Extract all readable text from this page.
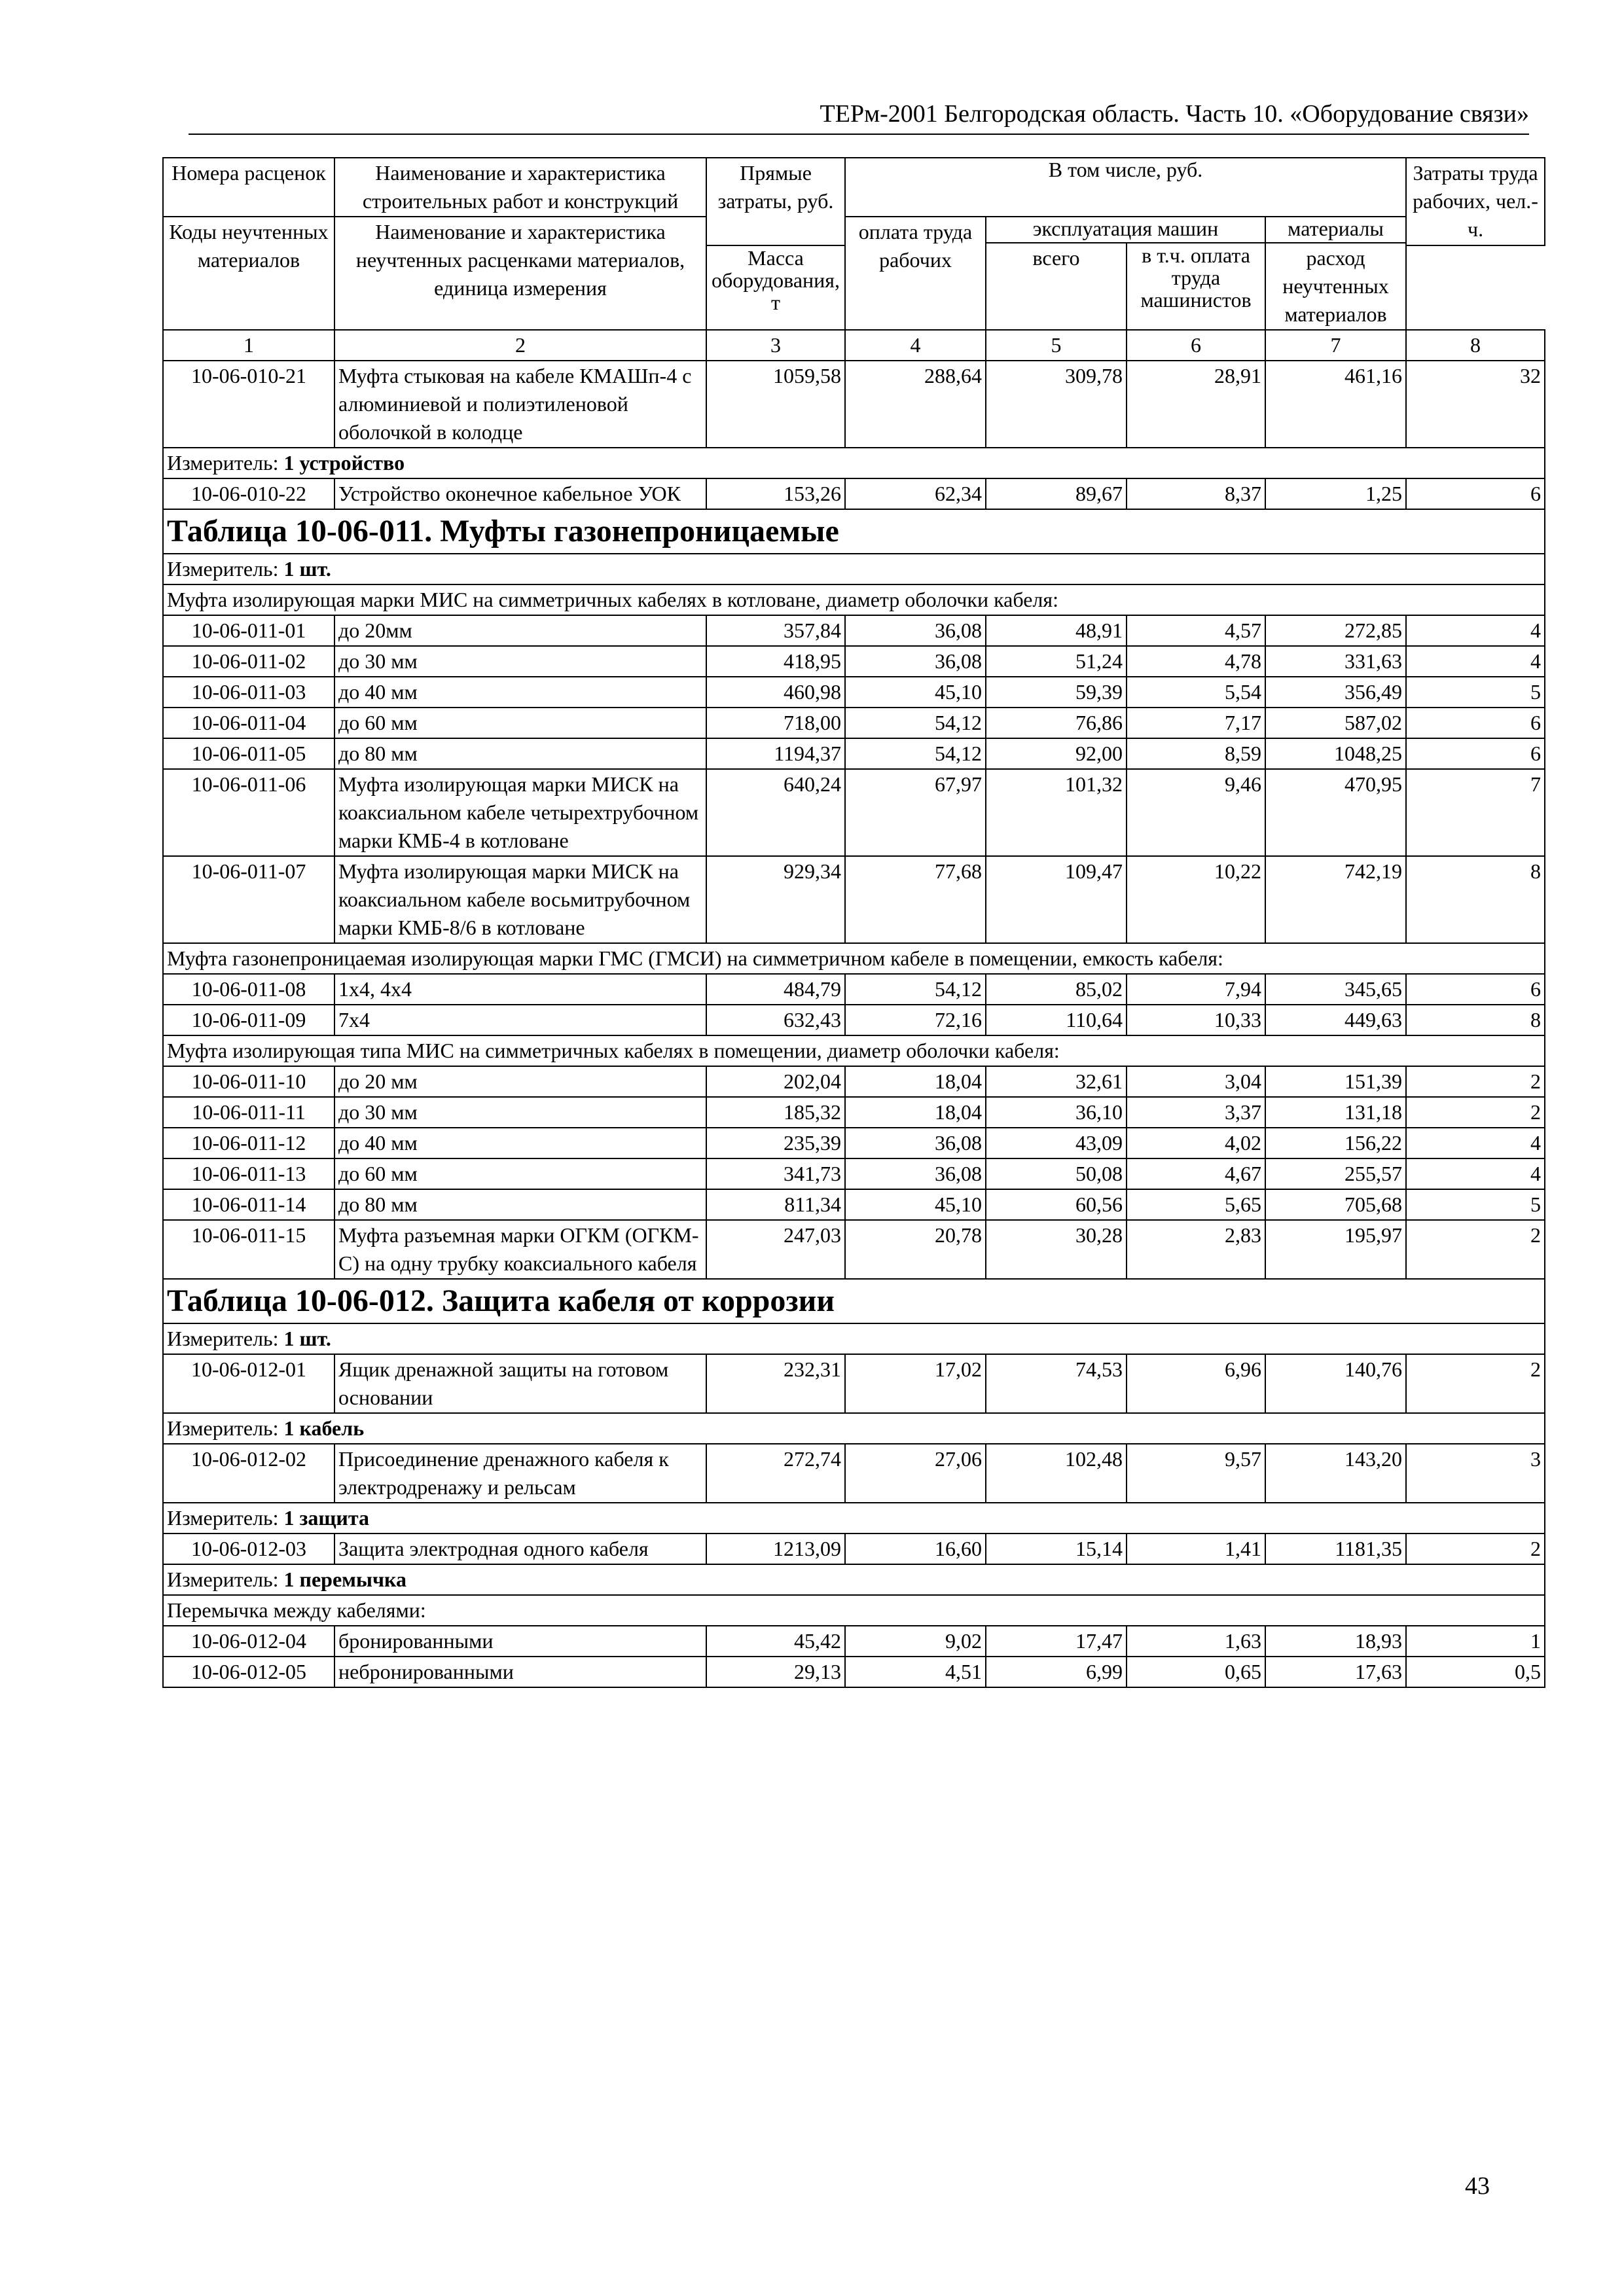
ТЕРм-2001 Белгородская область. Часть 10. «Оборудование связи»
Номера расценок	Наименование и характеристика строительных работ и конструкций	Прямые затраты, руб.	В том числе, руб.				Затраты труда рабочих, чел.-ч.
Коды неучтенных материалов	Наименование и характеристика неучтенных расценками материалов, единица измерения		оплата труда рабочих	эксплуатация машин		материалы	
				всего	в т.ч. оплата труда машинистов	расход неучтенных материалов	
		Масса оборудования, т					
1	2	3	4	5	6	7	8
10-06-010-21	Муфта стыковая на кабеле КМАШп-4 с алюминиевой и полиэтиленовой оболочкой в колодце	1059,58	288,64	309,78	28,91	461,16	32
Измеритель: 1 устройство							
10-06-010-22	Устройство оконечное кабельное УОК	153,26	62,34	89,67	8,37	1,25	6

Таблица 10-06-011. Муфты газонепроницаемые							

Измеритель: 1 шт.							
Муфта изолирующая марки МИС на симметричных кабелях в котловане, диаметр оболочки кабеля:							
10-06-011-01	до 20мм	357,84	36,08	48,91	4,57	272,85	4
10-06-011-02	до 30 мм	418,95	36,08	51,24	4,78	331,63	4
10-06-011-03	до 40 мм	460,98	45,10	59,39	5,54	356,49	5
10-06-011-04	до 60 мм	718,00	54,12	76,86	7,17	587,02	6
10-06-011-05	до 80 мм	1194,37	54,12	92,00	8,59	1048,25	6
10-06-011-06	Муфта изолирующая марки МИСК на коаксиальном кабеле четырехтрубочном марки КМБ-4 в котловане	640,24	67,97	101,32	9,46	470,95	7
10-06-011-07	Муфта изолирующая марки МИСК на коаксиальном кабеле восьмитрубочном марки КМБ-8/6 в котловане	929,34	77,68	109,47	10,22	742,19	8
Муфта газонепроницаемая изолирующая марки ГМС (ГМСИ) на симметричном кабеле в помещении, емкость кабеля:							
10-06-011-08	1х4, 4х4	484,79	54,12	85,02	7,94	345,65	6
10-06-011-09	7х4	632,43	72,16	110,64	10,33	449,63	8
Муфта изолирующая типа МИС на симметричных кабелях в помещении, диаметр оболочки кабеля:							
10-06-011-10	до 20 мм	202,04	18,04	32,61	3,04	151,39	2
10-06-011-11	до 30 мм	185,32	18,04	36,10	3,37	131,18	2
10-06-011-12	до 40 мм	235,39	36,08	43,09	4,02	156,22	4
10-06-011-13	до 60 мм	341,73	36,08	50,08	4,67	255,57	4
10-06-011-14	до 80 мм	811,34	45,10	60,56	5,65	705,68	5
10-06-011-15	Муфта разъемная марки ОГКМ (ОГКМ-С) на одну трубку коаксиального кабеля	247,03	20,78	30,28	2,83	195,97	2

Таблица 10-06-012. Защита кабеля от коррозии							

Измеритель: 1 шт.							
10-06-012-01	Ящик дренажной защиты на готовом основании	232,31	17,02	74,53	6,96	140,76	2
Измеритель: 1 кабель							
10-06-012-02	Присоединение дренажного кабеля к электродренажу и рельсам	272,74	27,06	102,48	9,57	143,20	3
Измеритель: 1 защита							
10-06-012-03	Защита электродная одного кабеля	1213,09	16,60	15,14	1,41	1181,35	2
Измеритель: 1 перемычка							
Перемычка между кабелями:							
10-06-012-04	бронированными	45,42	9,02	17,47	1,63	18,93	1
10-06-012-05	небронированными	29,13	4,51	6,99	0,65	17,63	0,5
43
